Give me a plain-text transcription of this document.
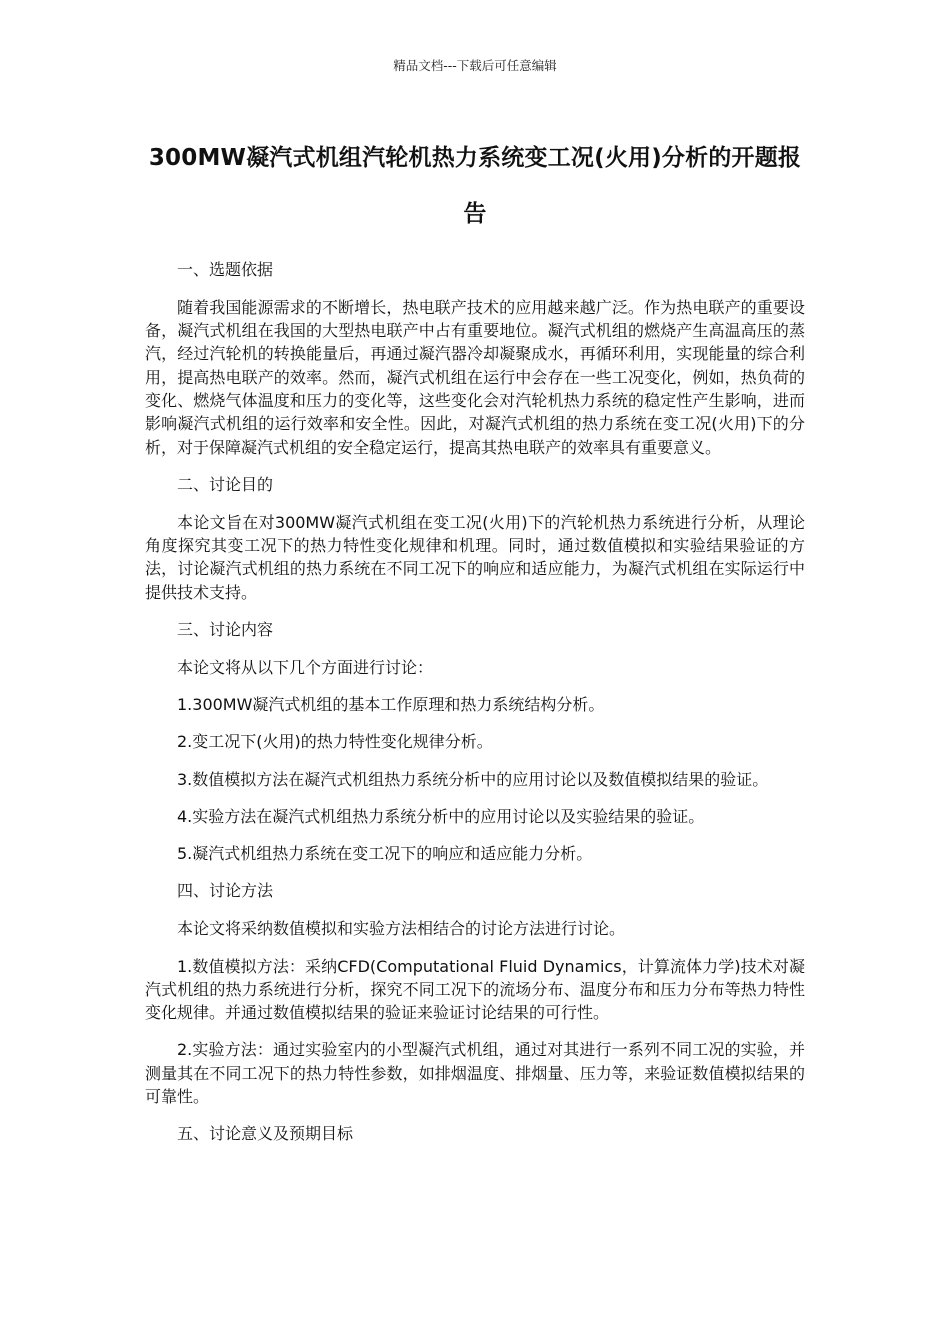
精品文档---下载后可任意编辑
300MW凝汽式机组汽轮机热力系统变工况(火用)分析的开题报告

一、选题依据

随着我国能源需求的不断增长，热电联产技术的应用越来越广泛。作为热电联产的重要设备，凝汽式机组在我国的大型热电联产中占有重要地位。凝汽式机组的燃烧产生高温高压的蒸汽，经过汽轮机的转换能量后，再通过凝汽器冷却凝聚成水，再循环利用，实现能量的综合利用，提高热电联产的效率。然而，凝汽式机组在运行中会存在一些工况变化，例如，热负荷的变化、燃烧气体温度和压力的变化等，这些变化会对汽轮机热力系统的稳定性产生影响，进而影响凝汽式机组的运行效率和安全性。因此，对凝汽式机组的热力系统在变工况(火用)下的分析，对于保障凝汽式机组的安全稳定运行，提高其热电联产的效率具有重要意义。

二、讨论目的

本论文旨在对300MW凝汽式机组在变工况(火用)下的汽轮机热力系统进行分析，从理论角度探究其变工况下的热力特性变化规律和机理。同时，通过数值模拟和实验结果验证的方法，讨论凝汽式机组的热力系统在不同工况下的响应和适应能力，为凝汽式机组在实际运行中提供技术支持。

三、讨论内容

本论文将从以下几个方面进行讨论：

1.300MW凝汽式机组的基本工作原理和热力系统结构分析。

2.变工况下(火用)的热力特性变化规律分析。

3.数值模拟方法在凝汽式机组热力系统分析中的应用讨论以及数值模拟结果的验证。

4.实验方法在凝汽式机组热力系统分析中的应用讨论以及实验结果的验证。

5.凝汽式机组热力系统在变工况下的响应和适应能力分析。

四、讨论方法

本论文将采纳数值模拟和实验方法相结合的讨论方法进行讨论。

1.数值模拟方法：采纳CFD(Computational Fluid Dynamics，计算流体力学)技术对凝汽式机组的热力系统进行分析，探究不同工况下的流场分布、温度分布和压力分布等热力特性变化规律。并通过数值模拟结果的验证来验证讨论结果的可行性。

2.实验方法：通过实验室内的小型凝汽式机组，通过对其进行一系列不同工况的实验，并测量其在不同工况下的热力特性参数，如排烟温度、排烟量、压力等，来验证数值模拟结果的可靠性。

五、讨论意义及预期目标
